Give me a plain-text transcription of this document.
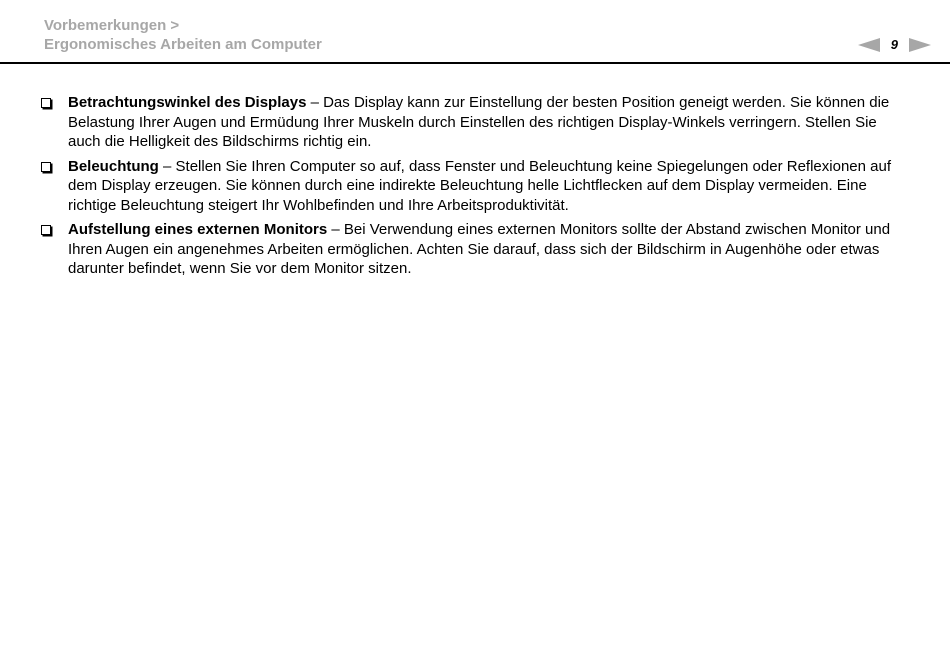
Vorbemerkungen >
Ergonomisches Arbeiten am Computer	9
Betrachtungswinkel des Displays – Das Display kann zur Einstellung der besten Position geneigt werden. Sie können die Belastung Ihrer Augen und Ermüdung Ihrer Muskeln durch Einstellen des richtigen Display-Winkels verringern. Stellen Sie auch die Helligkeit des Bildschirms richtig ein.
Beleuchtung – Stellen Sie Ihren Computer so auf, dass Fenster und Beleuchtung keine Spiegelungen oder Reflexionen auf dem Display erzeugen. Sie können durch eine indirekte Beleuchtung helle Lichtflecken auf dem Display vermeiden. Eine richtige Beleuchtung steigert Ihr Wohlbefinden und Ihre Arbeitsproduktivität.
Aufstellung eines externen Monitors – Bei Verwendung eines externen Monitors sollte der Abstand zwischen Monitor und Ihren Augen ein angenehmes Arbeiten ermöglichen. Achten Sie darauf, dass sich der Bildschirm in Augenhöhe oder etwas darunter befindet, wenn Sie vor dem Monitor sitzen.
